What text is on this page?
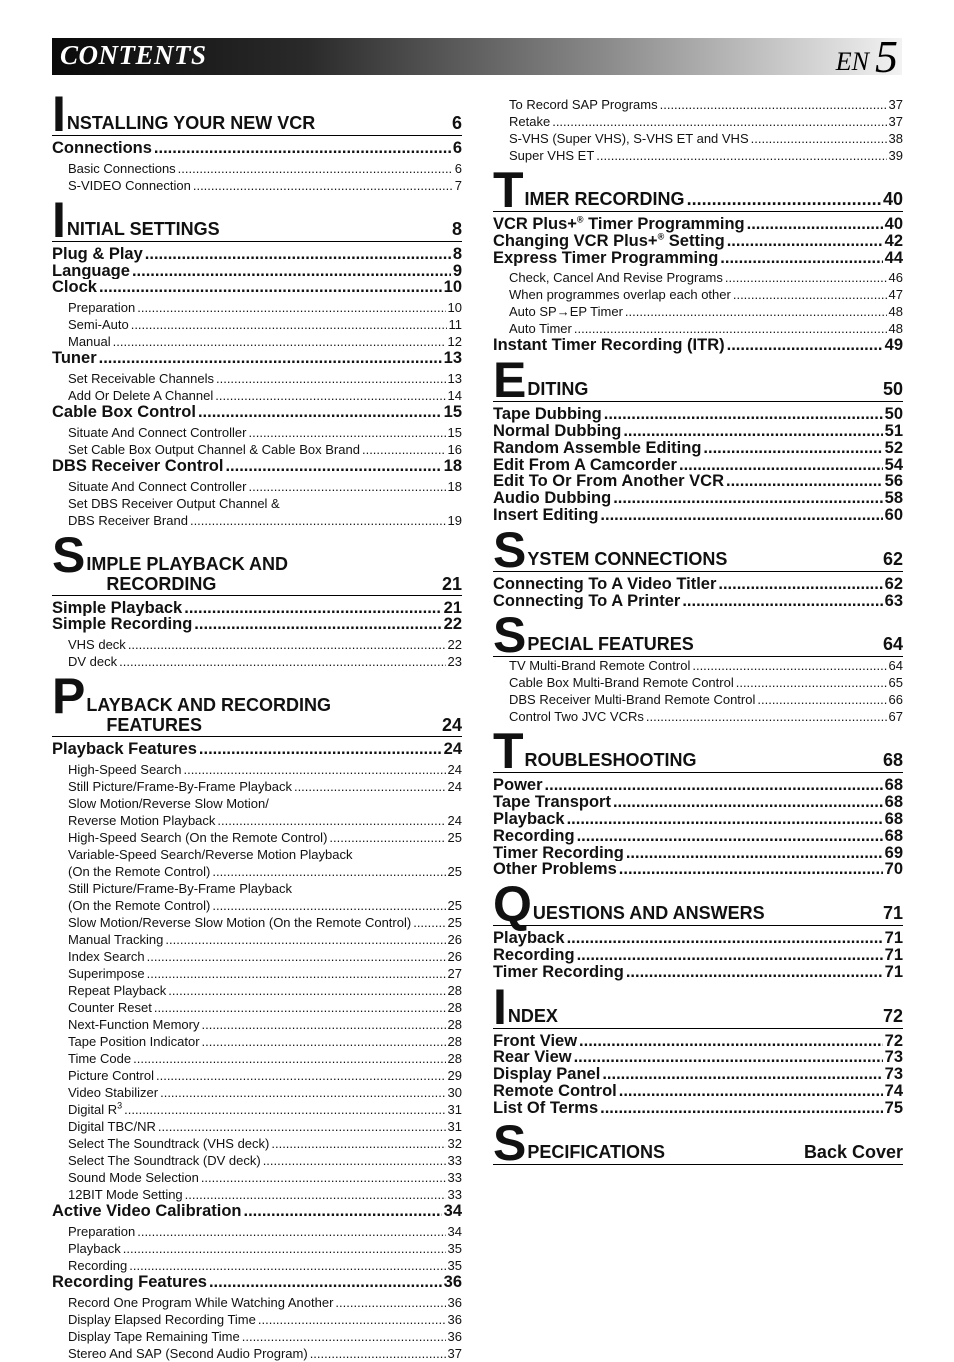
CONTENTS	EN 5
I NSTALLING YOUR NEW VCR	6
Connections .....	6
Basic Connections .....	6
S-VIDEO Connection .....	7
I NITIAL SETTINGS	8
Plug & Play .....	8
Language .....	9
Clock .....	10
Preparation .....	10
Semi-Auto .....	11
Manual .....	12
Tuner .....	13
Set Receivable Channels .....	13
Add Or Delete A Channel .....	14
Cable Box Control .....	15
Situate And Connect Controller .....	15
Set Cable Box Output Channel & Cable Box Brand .....	16
DBS Receiver Control .....	18
Situate And Connect Controller .....	18
Set DBS Receiver Output Channel &
DBS Receiver Brand .....	19
S IMPLE PLAYBACK AND
RECORDING	21
Simple Playback .....	21
Simple Recording .....	22
VHS deck .....	22
DV deck .....	23
P LAYBACK AND RECORDING
FEATURES	24
Playback Features .....	24
High-Speed Search .....	24
Still Picture/Frame-By-Frame Playback .....	24
Slow Motion/Reverse Slow Motion/
Reverse Motion Playback .....	24
High-Speed Search (On the Remote Control) .....	25
Variable-Speed Search/Reverse Motion Playback
(On the Remote Control) .....	25
Still Picture/Frame-By-Frame Playback
(On the Remote Control) .....	25
Slow Motion/Reverse Slow Motion (On the Remote Control) .....	25
Manual Tracking .....	26
Index Search .....	26
Superimpose .....	27
Repeat Playback .....	28
Counter Reset .....	28
Next-Function Memory .....	28
Tape Position Indicator .....	28
Time Code .....	28
Picture Control .....	29
Video Stabilizer .....	30
Digital $R^3$ .....	31
Digital TBC/NR .....	31
Select The Soundtrack (VHS deck) .....	32
Select The Soundtrack (DV deck) .....	33
Sound Mode Selection .....	33
12BIT Mode Setting .....	33
Active Video Calibration .....	34
Preparation .....	34
Playback .....	35
Recording .....	35
Recording Features .....	36
Record One Program While Watching Another .....	36
Display Elapsed Recording Time .....	36
Display Tape Remaining Time .....	36
Stereo And SAP (Second Audio Program) .....	37
To Record SAP Programs .....	37
Retake .....	37
S-VHS (Super VHS), S-VHS ET and VHS .....	38
Super VHS ET .....	39
T IMER RECORDING .....	40
VCR Plus+® Timer Programming .....	40
Changing VCR Plus+® Setting .....	42
Express Timer Programming .....	44
Check, Cancel And Revise Programs .....	46
When programmes overlap each other .....	47
Auto SP→EP Timer .....	48
Auto Timer .....	48
Instant Timer Recording (ITR) .....	49
E DITING	50
Tape Dubbing .....	50
Normal Dubbing .....	51
Random Assemble Editing .....	52
Edit From A Camcorder .....	54
Edit To Or From Another VCR .....	56
Audio Dubbing .....	58
Insert Editing .....	60
S YSTEM CONNECTIONS	62
Connecting To A Video Titler .....	62
Connecting To A Printer .....	63
S PECIAL FEATURES	64
TV Multi-Brand Remote Control .....	64
Cable Box Multi-Brand Remote Control .....	65
DBS Receiver Multi-Brand Remote Control .....	66
Control Two JVC VCRs .....	67
T ROUBLESHOOTING	68
Power .....	68
Tape Transport .....	68
Playback .....	68
Recording .....	68
Timer Recording .....	69
Other Problems .....	70
Q UESTIONS AND ANSWERS	71
Playback .....	71
Recording .....	71
Timer Recording .....	71
I NDEX	72
Front View .....	72
Rear View .....	73
Display Panel .....	73
Remote Control .....	74
List Of Terms .....	75
S PECIFICATIONS	Back Cover
